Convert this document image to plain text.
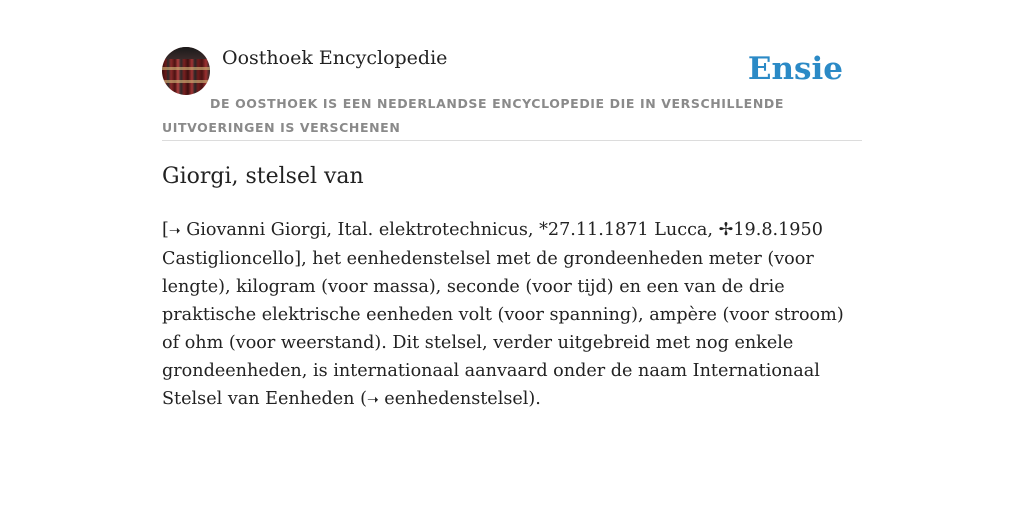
Oosthoek Encyclopedie	Ensie
DE OOSTHOEK IS EEN NEDERLANDSE ENCYCLOPEDIE DIE IN VERSCHILLENDE UITVOERINGEN IS VERSCHENEN
Giorgi, stelsel van

[➝ Giovanni Giorgi, Ital. elektrotechnicus, *27.11.1871 Lucca, ✢19.8.1950 Castiglioncello], het eenhedenstelsel met de grondeenheden meter (voor lengte), kilogram (voor massa), seconde (voor tijd) en een van de drie praktische elektrische eenheden volt (voor spanning), ampère (voor stroom) of ohm (voor weerstand). Dit stelsel, verder uitgebreid met nog enkele grondeenheden, is internationaal aanvaard onder de naam Internationaal Stelsel van Eenheden (➝ eenhedenstelsel).
